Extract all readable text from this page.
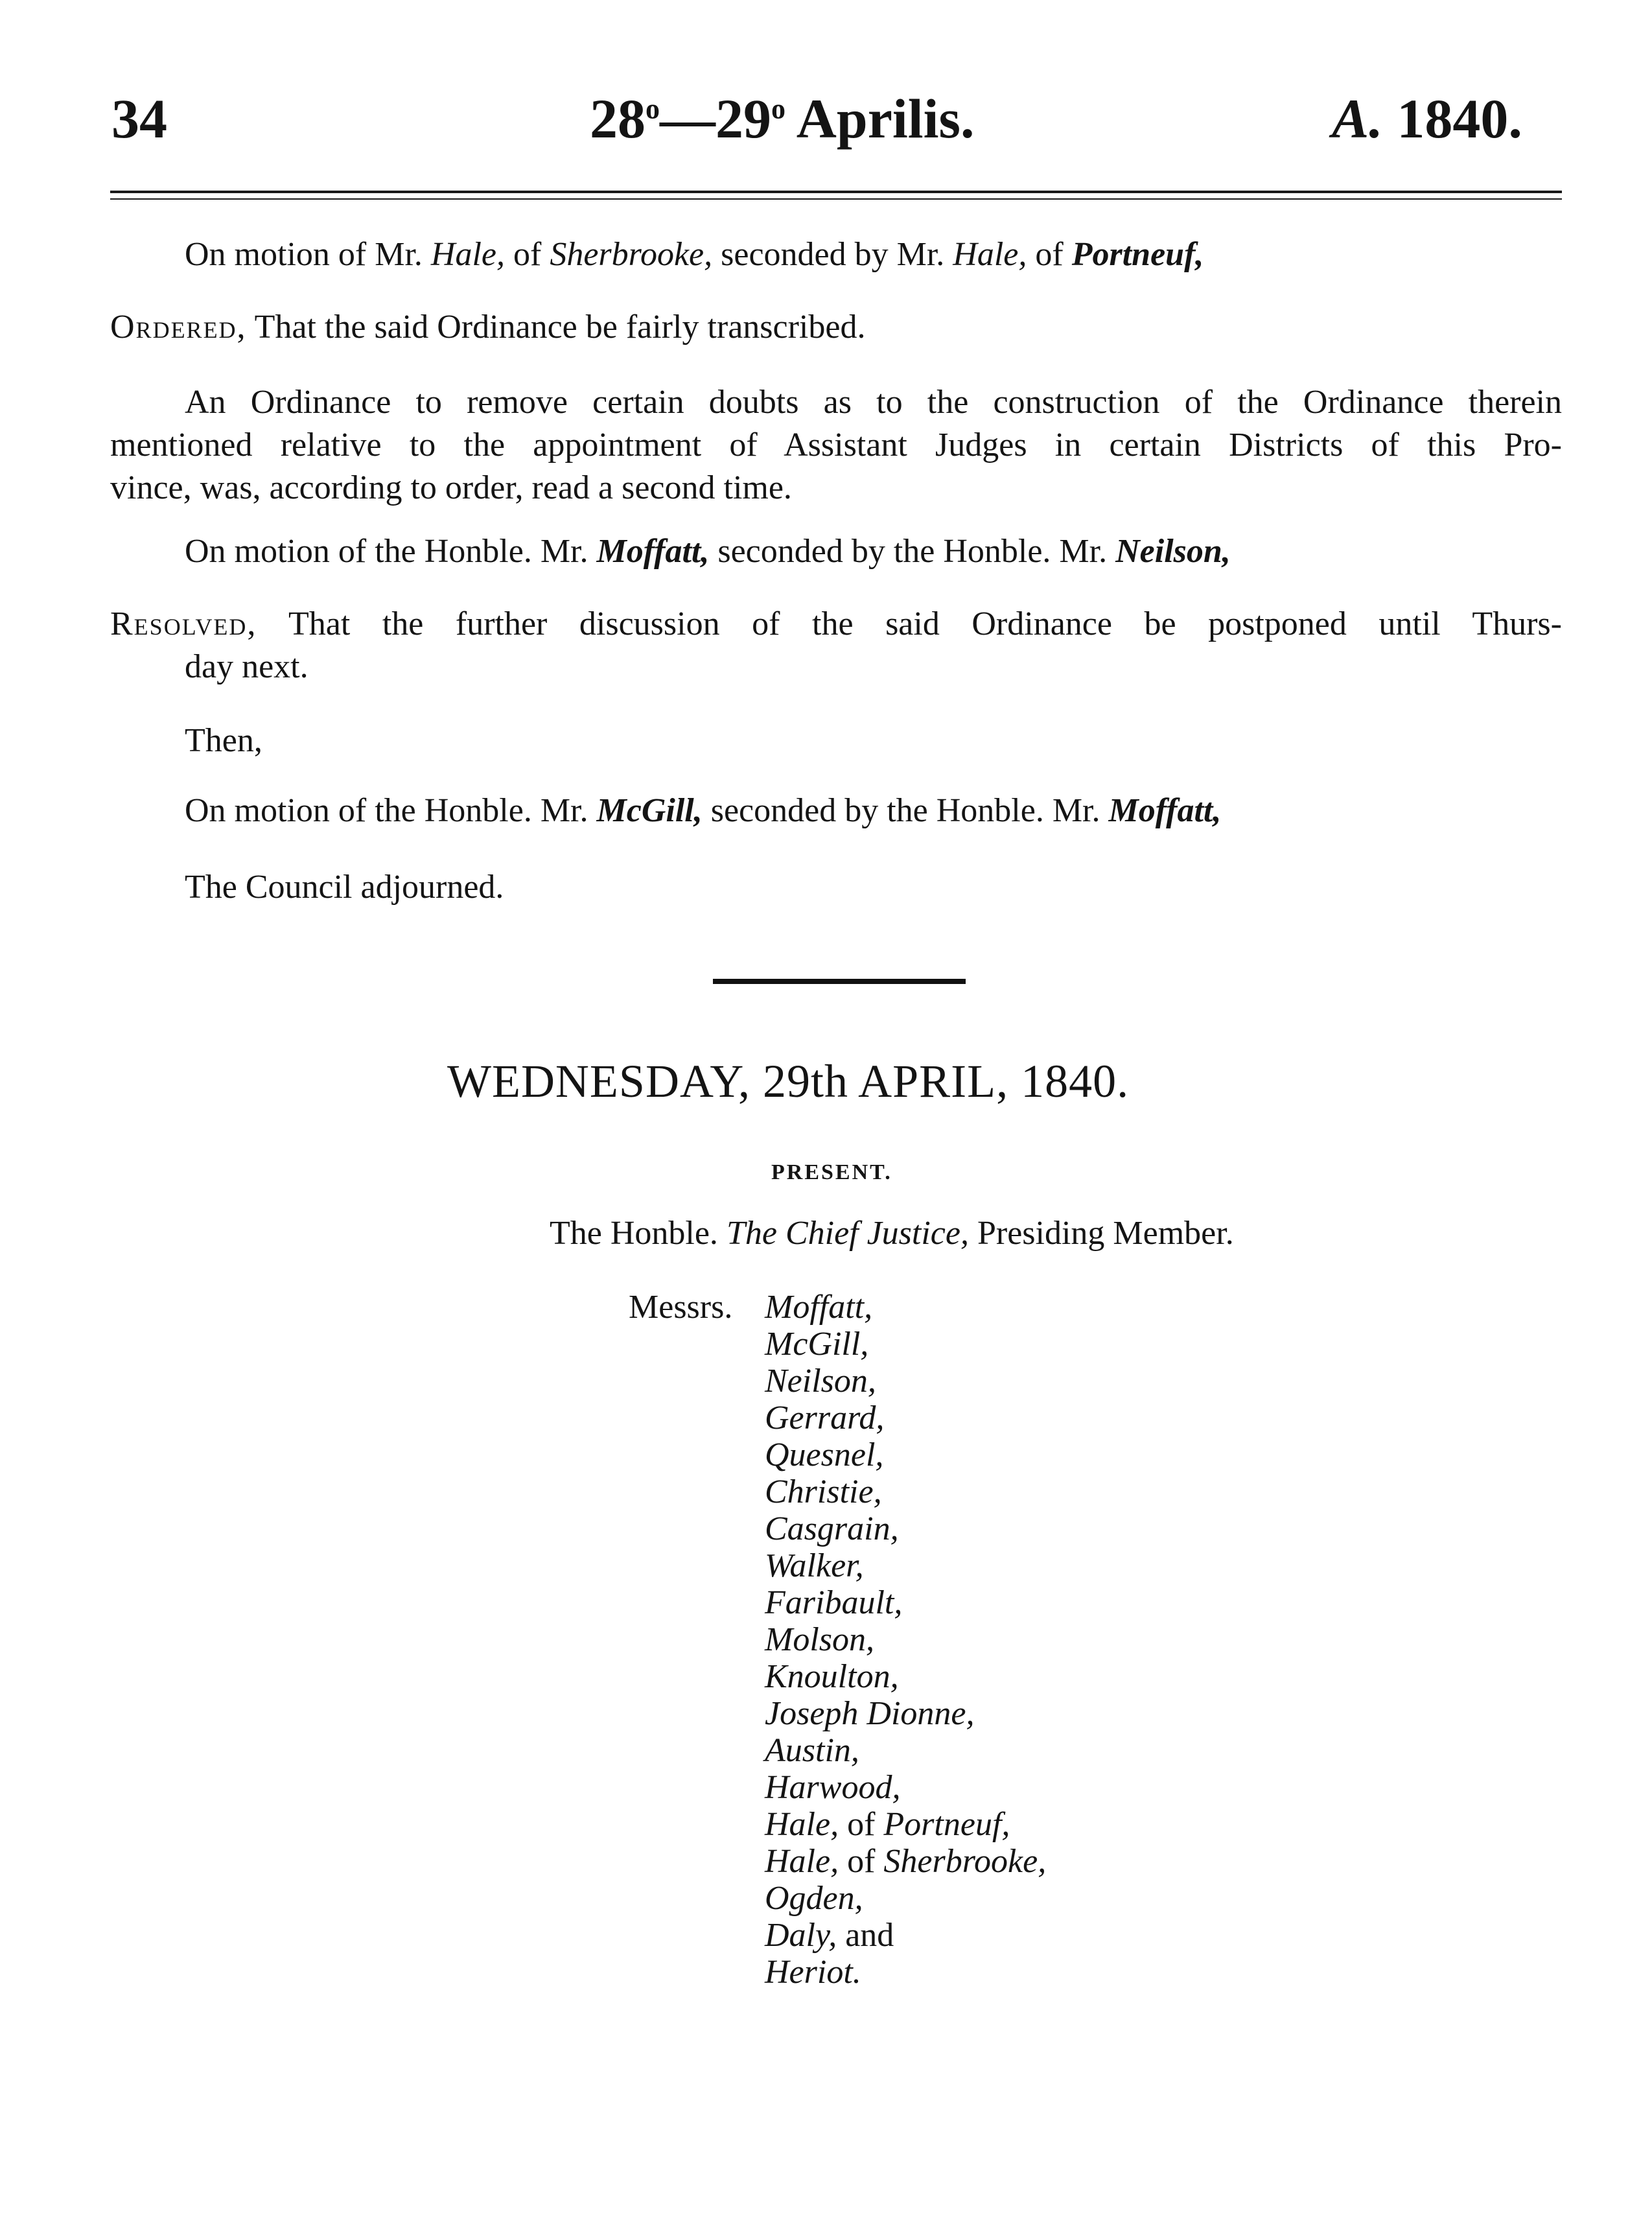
34	28$^o$—29$^o$ Aprilis.	A. 1840.
On motion of Mr. Hale, of Sherbrooke, seconded by Mr. Hale, of Portneuf,
Ordered, That the said Ordinance be fairly transcribed.
An Ordinance to remove certain doubts as to the construction of the Ordinance therein
mentioned relative to the appointment of Assistant Judges in certain Districts of this Pro-
vince, was, according to order, read a second time.
On motion of the Honble. Mr. Moffatt, seconded by the Honble. Mr. Neilson,
Resolved, That the further discussion of the said Ordinance be postponed until Thurs-
day next.
Then,
On motion of the Honble. Mr. McGill, seconded by the Honble. Mr. Moffatt,
The Council adjourned.
WEDNESDAY, 29th APRIL, 1840.
PRESENT.
The Honble. The Chief Justice, Presiding Member.
Messrs. Moffatt,
McGill,
Neilson,
Gerrard,
Quesnel,
Christie,
Casgrain,
Walker,
Faribault,
Molson,
Knoulton,
Joseph Dionne,
Austin,
Harwood,
Hale, of Portneuf,
Hale, of Sherbrooke,
Ogden,
Daly, and
Heriot.
